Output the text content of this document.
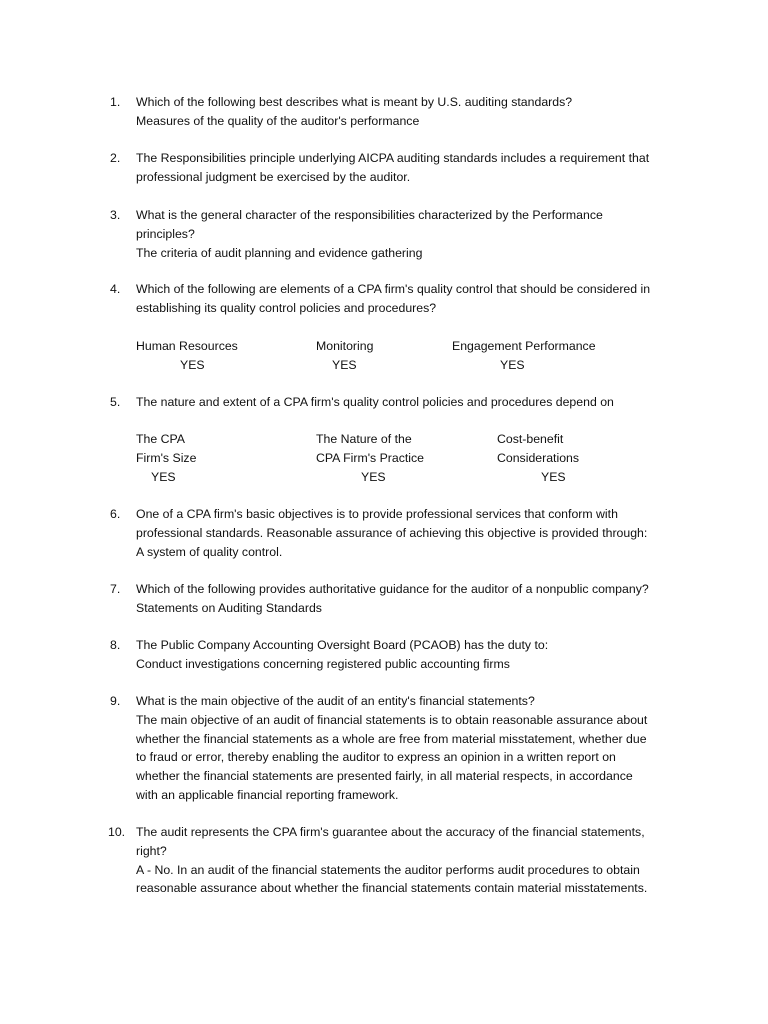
1.	Which of the following best describes what is meant by U.S. auditing standards?
Measures of the quality of the auditor's performance
2.	The Responsibilities principle underlying AICPA auditing standards includes a requirement that
professional judgment be exercised by the auditor.
3.	What is the general character of the responsibilities characterized by the Performance
principles?
The criteria of audit planning and evidence gathering
4.	Which of the following are elements of a CPA firm's quality control that should be considered in
establishing its quality control policies and procedures?
Human Resources	Monitoring	Engagement Performance
YES	YES	YES
5.	The nature and extent of a CPA firm's quality control policies and procedures depend on
The CPA	The Nature of the	Cost-benefit
Firm's Size	CPA Firm's Practice	Considerations
YES	YES	YES
6.	One of a CPA firm's basic objectives is to provide professional services that conform with
professional standards. Reasonable assurance of achieving this objective is provided through:
A system of quality control.
7.	Which of the following provides authoritative guidance for the auditor of a nonpublic company?
Statements on Auditing Standards
8.	The Public Company Accounting Oversight Board (PCAOB) has the duty to:
Conduct investigations concerning registered public accounting firms
9.	What is the main objective of the audit of an entity's financial statements?
The main objective of an audit of financial statements is to obtain reasonable assurance about
whether the financial statements as a whole are free from material misstatement, whether due
to fraud or error, thereby enabling the auditor to express an opinion in a written report on
whether the financial statements are presented fairly, in all material respects, in accordance
with an applicable financial reporting framework.
10. The audit represents the CPA firm's guarantee about the accuracy of the financial statements,
right?
A - No. In an audit of the financial statements the auditor performs audit procedures to obtain
reasonable assurance about whether the financial statements contain material misstatements.
